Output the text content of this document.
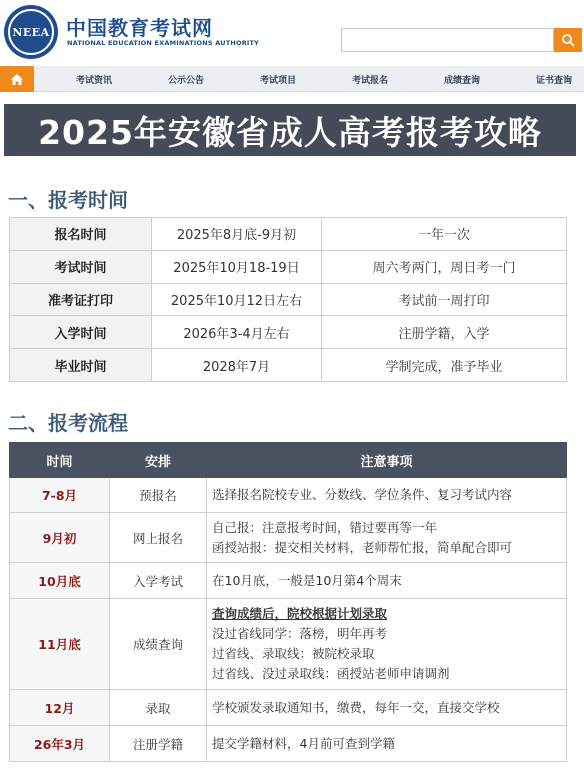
NEEA 中国教育考试网
NATIONAL EDUCATION EXAMINATIONS AUTHORITY
考试资讯	公示公告	考试项目	考试报名	成绩查询	证书查询
2025年安徽省成人高考报考攻略
一、报考时间
报名时间	2025年8月底-9月初	一年一次
考试时间	2025年10月18-19日	周六考两门，周日考一门
准考证打印	2025年10月12日左右	考试前一周打印
入学时间	2026年3-4月左右	注册学籍，入学
毕业时间	2028年7月	学制完成，准予毕业
二、报考流程
时间	安排	注意事项
7-8月	预报名	选择报名院校专业、分数线、学位条件、复习考试内容

9月初	网上报名	自己报：注意报考时间，错过要再等一年
函授站报：提交相关材料，老师帮忙报，简单配合即可

10月底	入学考试	在10月底，一般是10月第4个周末

11月底	成绩查询	查询成绩后，院校根据计划录取
没过省线同学：落榜，明年再考
过省线、录取线：被院校录取
过省线、没过录取线：函授站老师申请调剂

12月	录取	学校颁发录取通知书，缴费，每年一交，直接交学校

26年3月	注册学籍	提交学籍材料，4月前可查到学籍
